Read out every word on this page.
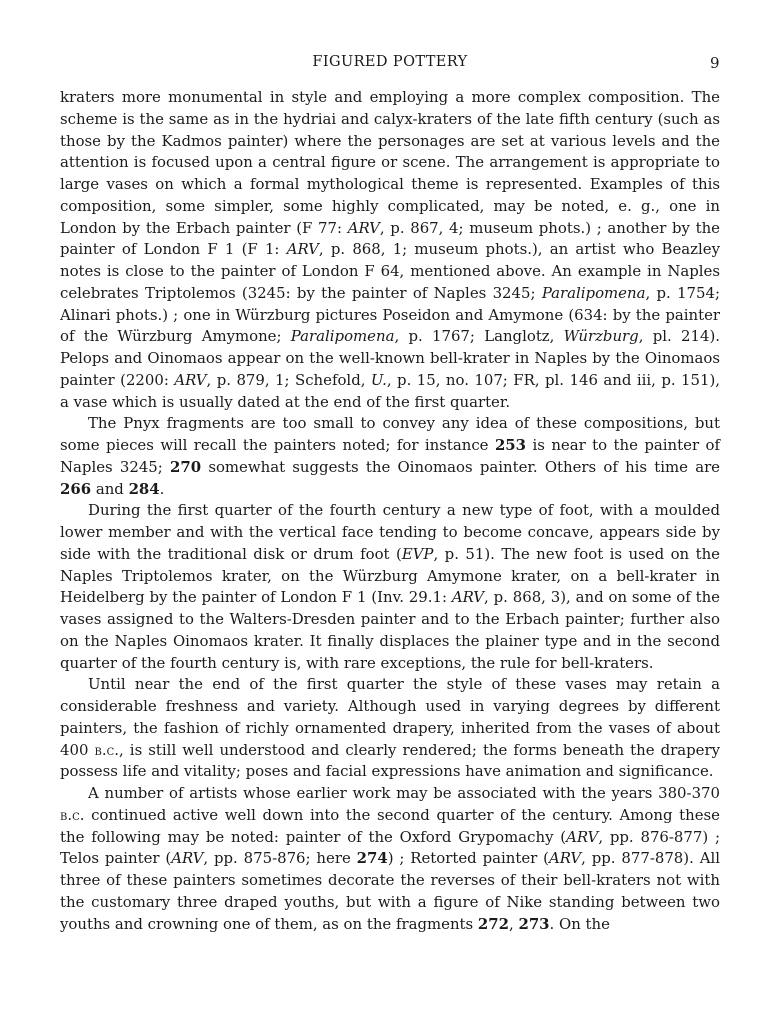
FIGURED POTTERY	9

kraters more monumental in style and employing a more complex composition. The scheme is the same as in the hydriai and calyx-kraters of the late fifth century (such as those by the Kadmos painter) where the personages are set at various levels and the attention is focused upon a central figure or scene. The arrangement is appropriate to large vases on which a formal mythological theme is represented. Examples of this composition, some simpler, some highly complicated, may be noted, e. g., one in London by the Erbach painter (F 77: ARV, p. 867, 4; museum phots.) ; another by the painter of London F 1 (F 1: ARV, p. 868, 1; museum phots.), an artist who Beazley notes is close to the painter of London F 64, mentioned above. An example in Naples celebrates Triptolemos (3245: by the painter of Naples 3245; Paralipomena, p. 1754; Alinari phots.) ; one in Würzburg pictures Poseidon and Amymone (634: by the painter of the Würzburg Amymone; Paralipomena, p. 1767; Langlotz, Würzburg, pl. 214). Pelops and Oinomaos appear on the well-known bell-krater in Naples by the Oinomaos painter (2200: ARV, p. 879, 1; Schefold, U., p. 15, no. 107; FR, pl. 146 and iii, p. 151), a vase which is usually dated at the end of the first quarter.

The Pnyx fragments are too small to convey any idea of these compositions, but some pieces will recall the painters noted; for instance 253 is near to the painter of Naples 3245; 270 somewhat suggests the Oinomaos painter. Others of his time are 266 and 284.

During the first quarter of the fourth century a new type of foot, with a moulded lower member and with the vertical face tending to become concave, appears side by side with the traditional disk or drum foot (EVP, p. 51). The new foot is used on the Naples Triptolemos krater, on the Würzburg Amymone krater, on a bell-krater in Heidelberg by the painter of London F 1 (Inv. 29.1: ARV, p. 868, 3), and on some of the vases assigned to the Walters-Dresden painter and to the Erbach painter; further also on the Naples Oinomaos krater. It finally displaces the plainer type and in the second quarter of the fourth century is, with rare exceptions, the rule for bell-kraters.

Until near the end of the first quarter the style of these vases may retain a considerable freshness and variety. Although used in varying degrees by different painters, the fashion of richly ornamented drapery, inherited from the vases of about 400 b.c., is still well understood and clearly rendered; the forms beneath the drapery possess life and vitality; poses and facial expressions have animation and significance.

A number of artists whose earlier work may be associated with the years 380-370 b.c. continued active well down into the second quarter of the century. Among these the following may be noted: painter of the Oxford Grypomachy (ARV, pp. 876-877) ; Telos painter (ARV, pp. 875-876; here 274) ; Retorted painter (ARV, pp. 877-878). All three of these painters sometimes decorate the reverses of their bell-kraters not with the customary three draped youths, but with a figure of Nike standing between two youths and crowning one of them, as on the fragments 272, 273. On the
